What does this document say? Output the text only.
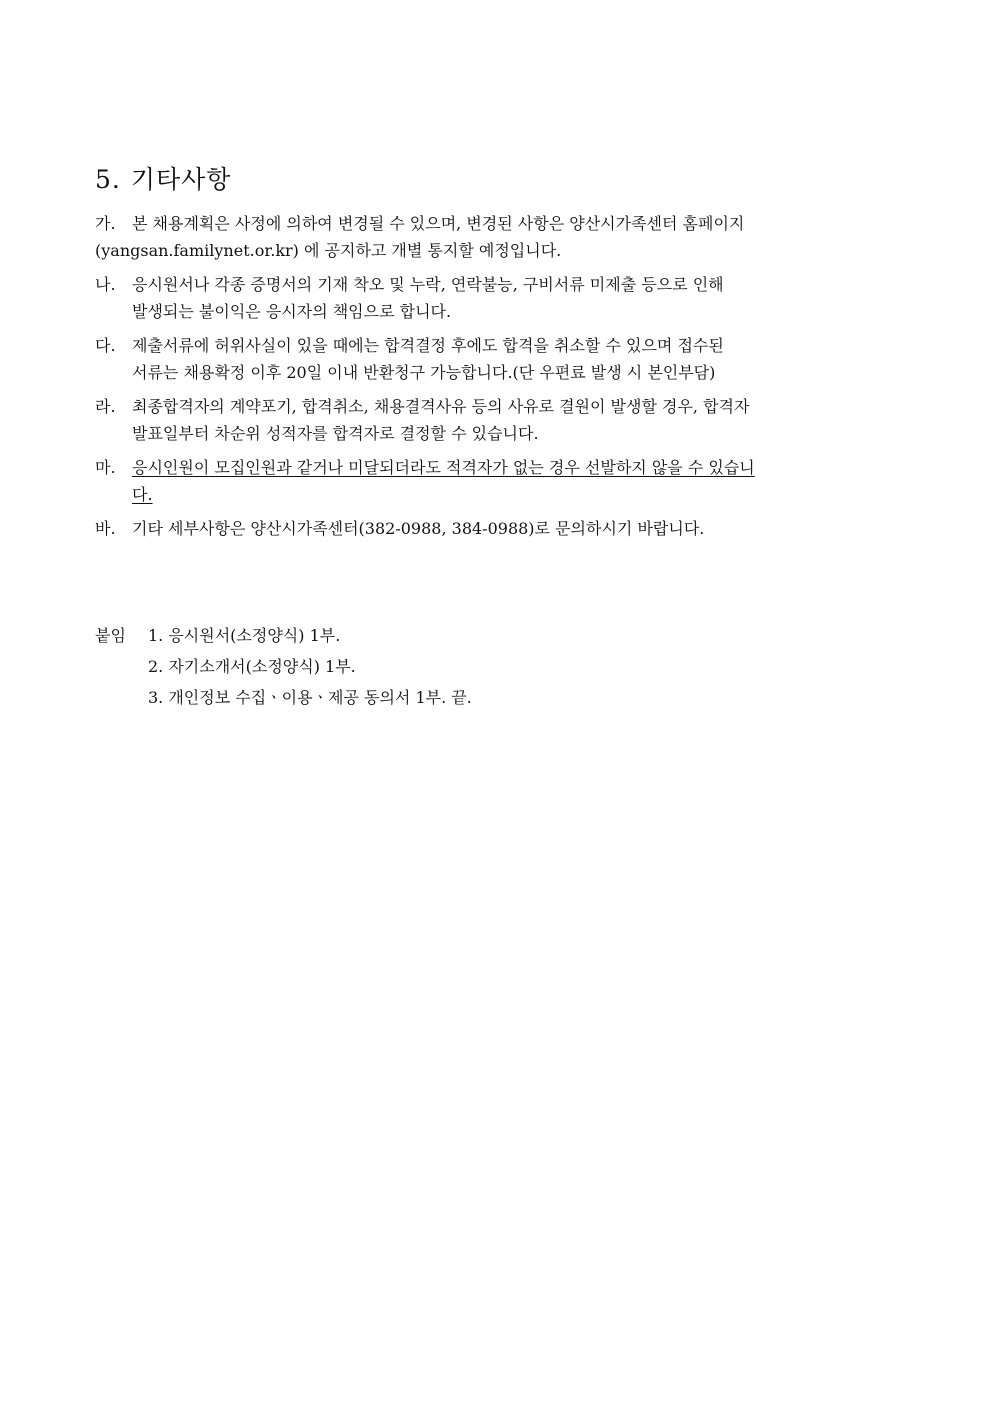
5. 기타사항
가.	본 채용계획은 사정에 의하여 변경될 수 있으며, 변경된 사항은 양산시가족센터 홈페이지
(yangsan.familynet.or.kr) 에 공지하고 개별 통지할 예정입니다.
나.	응시원서나 각종 증명서의 기재 착오 및 누락, 연락불능, 구비서류 미제출 등으로 인해
발생되는 불이익은 응시자의 책임으로 합니다.
다.	제출서류에 허위사실이 있을 때에는 합격결정 후에도 합격을 취소할 수 있으며 접수된
서류는 채용확정 이후 20일 이내 반환청구 가능합니다.(단 우편료 발생 시 본인부담)
라.	최종합격자의 계약포기, 합격취소, 채용결격사유 등의 사유로 결원이 발생할 경우, 합격자
발표일부터 차순위 성적자를 합격자로 결정할 수 있습니다.
마.	응시인원이 모집인원과 같거나 미달되더라도 적격자가 없는 경우 선발하지 않을 수 있습니
다.
바.	기타 세부사항은 양산시가족센터(382-0988, 384-0988)로 문의하시기 바랍니다.
붙임 1. 응시원서(소정양식) 1부.
2. 자기소개서(소정양식) 1부.
3. 개인정보 수집ㆍ이용ㆍ제공 동의서 1부. 끝.
